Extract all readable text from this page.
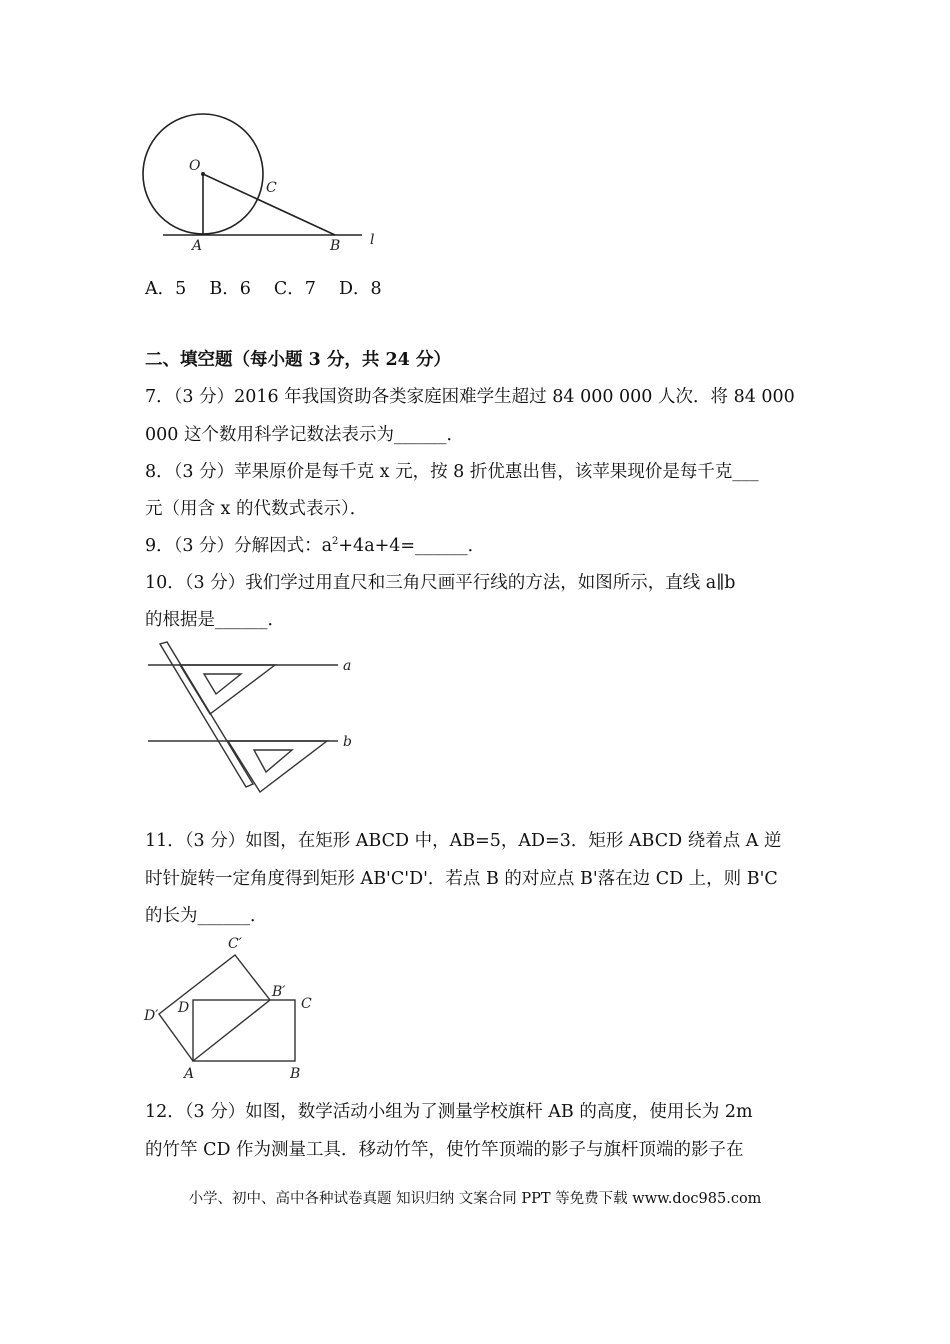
O
C
A	B l
A．5　 B．6　 C．7　 D．8
二、填空题（每小题 3 分，共 24 分）
7．（3 分）2016 年我国资助各类家庭困难学生超过 84 000 000 人次．将 84 000
000 这个数用科学记数法表示为______．
8．（3 分）苹果原价是每千克 x 元，按 8 折优惠出售，该苹果现价是每千克___
元（用含 x 的代数式表示）．
9．（3 分）分解因式：$a^2+4a+4=\_\_\_\_\_\_$．
10．（3 分）我们学过用直尺和三角尺画平行线的方法，如图所示，直线 a∥b
的根据是______．
a
b
11．（3 分）如图，在矩形 ABCD 中，AB=5，AD=3．矩形 ABCD 绕着点 A 逆
时针旋转一定角度得到矩形 AB'C'D'．若点 B 的对应点 B'落在边 CD 上，则 B'C
的长为______．
C′
B′
C
D′ D
A	B
12．（3 分）如图，数学活动小组为了测量学校旗杆 AB 的高度，使用长为 2m
的竹竿 CD 作为测量工具．移动竹竿，使竹竿顶端的影子与旗杆顶端的影子在
小学、初中、高中各种试卷真题 知识归纳 文案合同 PPT 等免费下载 www.doc985.com
